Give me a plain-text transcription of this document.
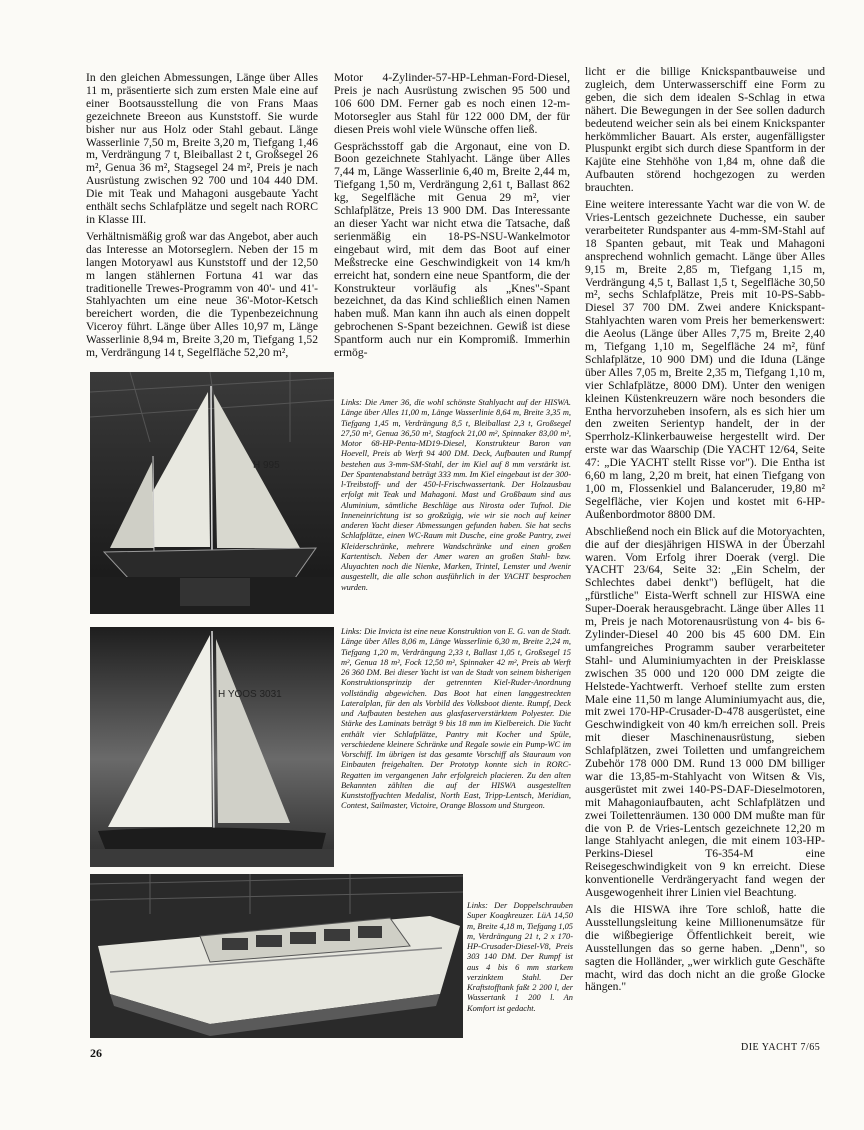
In den gleichen Abmessungen, Länge über Alles 11 m, präsentierte sich zum ersten Male eine auf einer Bootsausstellung die von Frans Maas gezeichnete Breeon aus Kunststoff. Sie wurde bisher nur aus Holz oder Stahl gebaut. Länge Wasserlinie 7,50 m, Breite 3,20 m, Tiefgang 1,46 m, Verdrängung 7 t, Bleiballast 2 t, Großsegel 26 m², Genua 36 m², Stagsegel 24 m², Preis je nach Ausrüstung zwischen 92 700 und 104 440 DM. Die mit Teak und Mahagoni ausgebaute Yacht enthält sechs Schlafplätze und segelt nach RORC in Klasse III.

Verhältnismäßig groß war das Angebot, aber auch das Interesse an Motorseglern. Neben der 15 m langen Motoryawl aus Kunststoff und der 12,50 m langen stählernen Fortuna 41 war das traditionelle Trewes-Programm von 40'- und 41'-Stahlyachten um eine neue 36'-Motor-Ketsch bereichert worden, die die Typenbezeichnung Viceroy führt. Länge über Alles 10,97 m, Länge Wasserlinie 8,94 m, Breite 3,20 m, Tiefgang 1,52 m, Verdrängung 14 t, Segelfläche 52,20 m²,

Motor 4-Zylinder-57-HP-Lehman-Ford-Diesel, Preis je nach Ausrüstung zwischen 95 500 und 106 600 DM. Ferner gab es noch einen 12-m-Motorsegler aus Stahl für 122 000 DM, der für diesen Preis wohl viele Wünsche offen ließ.

Gesprächsstoff gab die Argonaut, eine von D. Boon gezeichnete Stahlyacht. Länge über Alles 7,44 m, Länge Wasserlinie 6,40 m, Breite 2,44 m, Tiefgang 1,50 m, Verdrängung 2,61 t, Ballast 862 kg, Segelfläche mit Genua 29 m², vier Schlafplätze, Preis 13 900 DM. Das Interessante an dieser Yacht war nicht etwa die Tatsache, daß serienmäßig ein 18-PS-NSU-Wankelmotor eingebaut wird, mit dem das Boot auf einer Meßstrecke eine Geschwindigkeit von 14 km/h erreicht hat, sondern eine neue Spantform, die der Konstrukteur vorläufig als „Knes"-Spant bezeichnet, da das Kind schließlich einen Namen haben muß. Man kann ihn auch als einen doppelt gebrochenen S-Spant bezeichnen. Gewiß ist diese Spantform auch nur ein Kompromiß. Immerhin ermög-

licht er die billige Knickspantbauweise und zugleich, dem Unterwasserschiff eine Form zu geben, die sich dem idealen S-Schlag in etwa nähert. Die Bewegungen in der See sollen dadurch bedeutend weicher sein als bei einem Knickspanter herkömmlicher Bauart. Als erster, augenfälligster Pluspunkt ergibt sich durch diese Spantform in der Kajüte eine Stehhöhe von 1,84 m, ohne daß die Aufbauten störend hochgezogen zu werden brauchten.

Eine weitere interessante Yacht war die von W. de Vries-Lentsch gezeichnete Duchesse, ein sauber verarbeiteter Rundspanter aus 4-mm-SM-Stahl auf 18 Spanten gebaut, mit Teak und Mahagoni ansprechend wohnlich gemacht. Länge über Alles 9,15 m, Breite 2,85 m, Tiefgang 1,15 m, Verdrängung 4,5 t, Ballast 1,5 t, Segelfläche 30,50 m², sechs Schlafplätze, Preis mit 10-PS-Sabb-Diesel 37 700 DM. Zwei andere Knickspant-Stahlyachten waren vom Preis her bemerkenswert: die Aeolus (Länge über Alles 7,75 m, Breite 2,40 m, Tiefgang 1,10 m, Segelfläche 24 m², fünf Schlafplätze, 10 900 DM) und die Iduna (Länge über Alles 7,05 m, Breite 2,35 m, Tiefgang 1,10 m, vier Schlafplätze, 8000 DM). Unter den wenigen kleinen Küstenkreuzern wäre noch besonders die Entha hervorzuheben insofern, als es sich hier um den zweiten Serientyp handelt, der in der Sperrholz-Klinkerbauweise hergestellt wird. Der erste war das Waarschip (Die YACHT 12/64, Seite 47: „Die YACHT stellt Risse vor"). Die Entha ist 6,60 m lang, 2,20 m breit, hat einen Tiefgang von 1,00 m, Flossenkiel und Balanceruder, 19,80 m² Segelfläche, vier Kojen und kostet mit 6-HP-Außenbordmotor 8800 DM.

Abschließend noch ein Blick auf die Motoryachten, die auf der diesjährigen HISWA in der Überzahl waren. Vom Erfolg ihrer Doerak (vergl. Die YACHT 23/64, Seite 32: „Ein Schelm, der Schlechtes dabei denkt") beflügelt, hat die „fürstliche" Eista-Werft schnell zur HISWA eine Super-Doerak herausgebracht. Länge über Alles 11 m, Preis je nach Motorenausrüstung von 4- bis 6-Zylinder-Diesel 40 200 bis 45 600 DM. Ein umfangreiches Programm sauber verarbeiteter Stahl- und Aluminiumyachten in der Preisklasse zwischen 35 000 und 120 000 DM zeigte die Helstede-Yachtwerft. Verhoef stellte zum ersten Male eine 11,50 m lange Aluminiumyacht aus, die, mit zwei 170-HP-Crusader-D-478 ausgerüstet, eine Geschwindigkeit von 40 km/h erreichen soll. Preis mit dieser Maschinenausrüstung, sieben Schlafplätzen, zwei Toiletten und umfangreichem Zubehör 178 000 DM. Rund 13 000 DM billiger war die 13,85-m-Stahlyacht von Witsen & Vis, ausgerüstet mit zwei 140-PS-DAF-Dieselmotoren, mit Mahagoniaufbauten, acht Schlafplätzen und zwei Toilettenräumen. 130 000 DM mußte man für die von P. de Vries-Lentsch gezeichnete 12,20 m lange Stahlyacht anlegen, die mit einem 103-HP-Perkins-Diesel T6-354-M eine Reisegeschwindigkeit von 9 kn erreicht. Diese konventionelle Verdrängeryacht fand wegen der Ausgewogenheit ihrer Linien viel Beachtung.

Als die HISWA ihre Tore schloß, hatte die Ausstellungsleitung keine Millionenumsätze für die wißbegierige Öffentlichkeit bereit, wie Ausstellungen das so gerne haben. „Denn", so sagten die Holländer, „wer wirklich gute Geschäfte macht, wird das doch nicht an die große Glocke hängen."

H 995
H YOOS 3031
Links: Die Amer 36, die wohl schönste Stahlyacht auf der HISWA. Länge über Alles 11,00 m, Länge Wasserlinie 8,64 m, Breite 3,35 m, Tiefgang 1,45 m, Verdrängung 8,5 t, Bleiballast 2,3 t, Großsegel 27,50 m², Genua 36,50 m², Stagfock 21,00 m², Spinnaker 83,00 m², Motor 68-HP-Penta-MD19-Diesel, Konstrukteur Baron van Hoevell, Preis ab Werft 94 400 DM. Deck, Aufbauten und Rumpf bestehen aus 3-mm-SM-Stahl, der im Kiel auf 8 mm verstärkt ist. Der Spantenabstand beträgt 333 mm. Im Kiel eingebaut ist der 300-l-Treibstoff- und der 450-l-Frischwassertank. Der Holzausbau erfolgt mit Teak und Mahagoni. Mast und Großbaum sind aus Aluminium, sämtliche Beschläge aus Nirosta oder Tufnol. Die Inneneinrichtung ist so großzügig, wie wir sie noch auf keiner anderen Yacht dieser Abmessungen gefunden haben. Sie hat sechs Schlafplätze, einen WC-Raum mit Dusche, eine große Pantry, zwei Kleiderschränke, mehrere Wandschränke und einen großen Kartentisch. Neben der Amer waren an großen Stahl- bzw. Aluyachten noch die Nienke, Marken, Trintel, Lemster und Avenir ausgestellt, die alle schon ausführlich in der YACHT besprochen wurden.
Links: Die Invicta ist eine neue Konstruktion von E. G. van de Stadt. Länge über Alles 8,06 m, Länge Wasserlinie 6,30 m, Breite 2,24 m, Tiefgang 1,20 m, Verdrängung 2,33 t, Ballast 1,05 t, Großsegel 15 m², Genua 18 m², Fock 12,50 m², Spinnaker 42 m², Preis ab Werft 26 360 DM. Bei dieser Yacht ist van de Stadt von seinem bisherigen Konstruktionsprinzip der getrennten Kiel-Ruder-Anordnung vollständig abgewichen. Das Boot hat einen langgestreckten Lateralplan, für den als Vorbild des Volksboot diente. Rumpf, Deck und Aufbauten bestehen aus glasfaserverstärktem Polyester. Die Stärke des Laminats beträgt 9 bis 18 mm im Kielbereich. Die Yacht enthält vier Schlafplätze, Pantry mit Kocher und Spüle, verschiedene kleinere Schränke und Regale sowie ein Pump-WC im Vorschiff. Im übrigen ist das gesamte Vorschiff als Stauraum von Einbauten freigehalten. Der Prototyp konnte sich in RORC-Regatten im vergangenen Jahr erfolgreich placieren. Zu den alten Bekannten zählten die auf der HISWA ausgestellten Kunststoffyachten Medalist, North East, Tripp-Lentsch, Meridian, Contest, Sailmaster, Victoire, Orange Blossom und Sturgeon.
Links: Der Doppelschrauben Super Koagkreuzer. LüA 14,50 m, Breite 4,18 m, Tiefgang 1,05 m, Verdrängung 21 t, 2 x 170-HP-Crusader-Diesel-V8, Preis 303 140 DM. Der Rumpf ist aus 4 bis 6 mm starkem verzinktem Stahl. Der Kraftstofftank faßt 2 200 l, der Wassertank 1 200 l. An Komfort ist gedacht.
26	DIE YACHT 7/65
